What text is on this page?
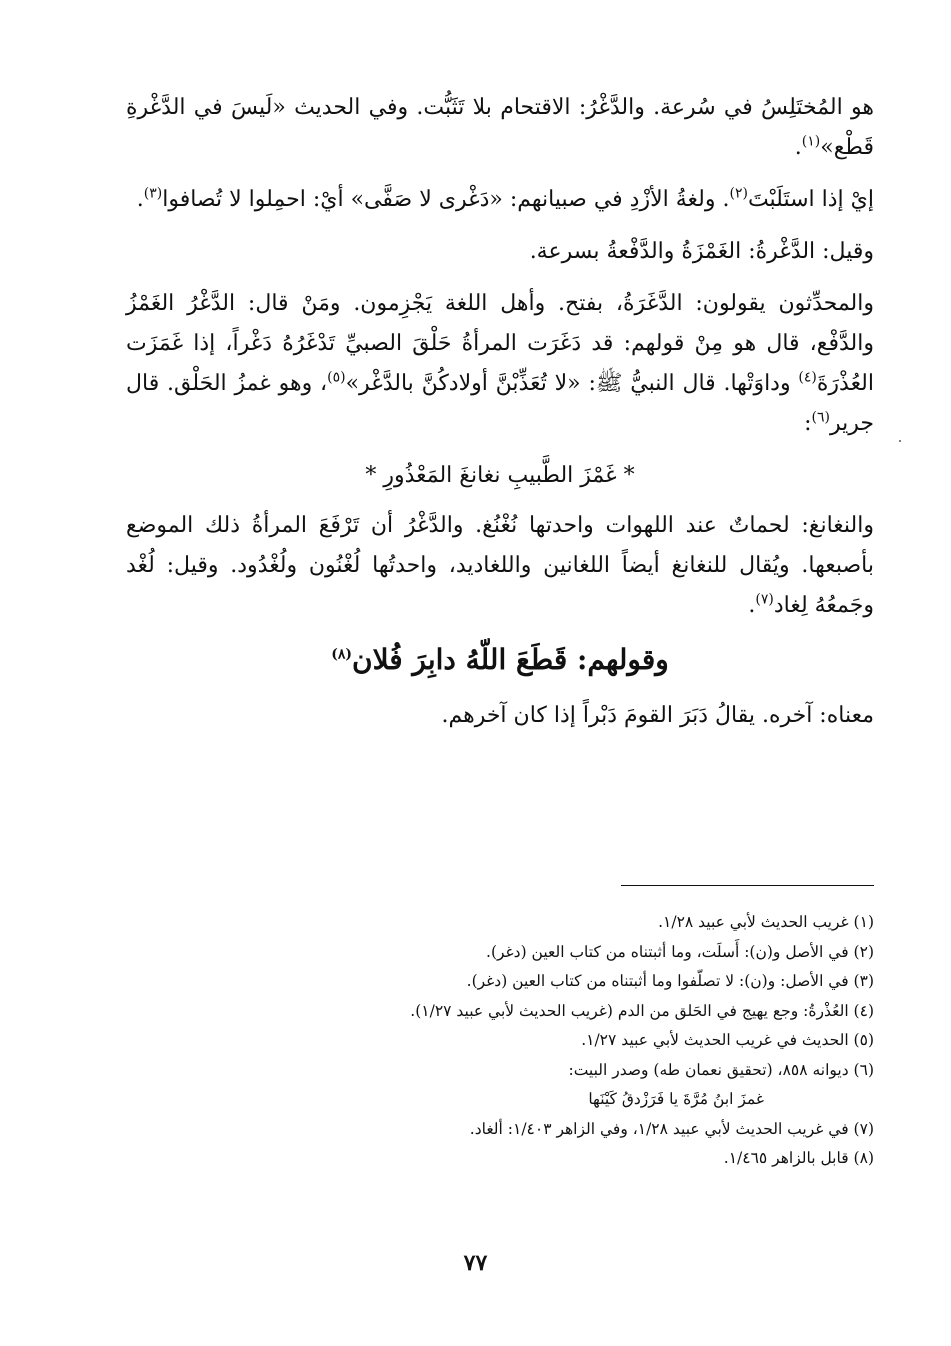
هو المُختَلِسُ في سُرعة. والدَّغْرُ: الاقتحام بلا تَثَبُّت. وفي الحديث «لَيسَ في الدَّغْرةِ قَطْع»$^{(١)}$.

إيْ إذا استَلَبْتَ$^{(٢)}$. ولغةُ الأزْدِ في صبيانهم: «دَغْرى لا صَفَّى» أيْ: احمِلوا لا تُصافوا$^{(٣)}$.

وقيل: الدَّغْرةُ: الغَمْزَةُ والدَّفْعةُ بسرعة.

والمحدِّثون يقولون: الدَّغَرَةُ، بفتح. وأهل اللغة يَجْزِمون. ومَنْ قال: الدَّغْرُ الغَمْزُ والدَّفْع، قال هو مِنْ قولهم: قد دَغَرَت المرأةُ حَلْقَ الصبيِّ تَدْغَرُهُ دَغْراً، إذا غَمَزَت العُذْرَةَ$^{(٤)}$ وداوَتْها. قال النبيُّ ﷺ: «لا تُعَذِّبْنَّ أولادكُنَّ بالدَّغْر»$^{(٥)}$، وهو غمزُ الحَلْق. قال جرير$^{(٦)}$:

* غَمْزَ الطَّبيبِ نغانغَ المَعْذُورِ *

والنغانغ: لحماتٌ عند اللهوات واحدتها نُغْنُغ. والدَّغْرُ أن تَرْفَعَ المرأةُ ذلك الموضع بأصبعها. ويُقال للنغانغ أيضاً اللغانين واللغاديد، واحدتُها لُغْنُون ولُغْدُود. وقيل: لُغْد وجَمعُهُ لِغاد$^{(٧)}$.

وقولهم: قَطَعَ اللّهُ دابِرَ فُلان$^{(٨)}$

معناه: آخره. يقالُ دَبَرَ القومَ دَبْراً إذا كان آخرهم.

(١) غريب الحديث لأبي عبيد ١/٢٨.

(٢) في الأصل و(ن): أَسلَت، وما أثبتناه من كتاب العين (دغر).

(٣) في الأصل: و(ن): لا تصلّفوا وما أثبتناه من كتاب العين (دغر).

(٤) العُذْرةُ: وجع يهيج في الحَلق من الدم (غريب الحديث لأبي عبيد ١/٢٧).

(٥) الحديث في غريب الحديث لأبي عبيد ١/٢٧.

(٦) ديوانه ٨٥٨، (تحقيق نعمان طه) وصدر البيت:

غمزَ ابنُ مُرَّةَ يا فَرَزْدقُ كَيْنَها

(٧) في غريب الحديث لأبي عبيد ١/٢٨، وفي الزاهر ١/٤٠٣: ألغاد.

(٨) قابل بالزاهر ١/٤٦٥.

٧٧
